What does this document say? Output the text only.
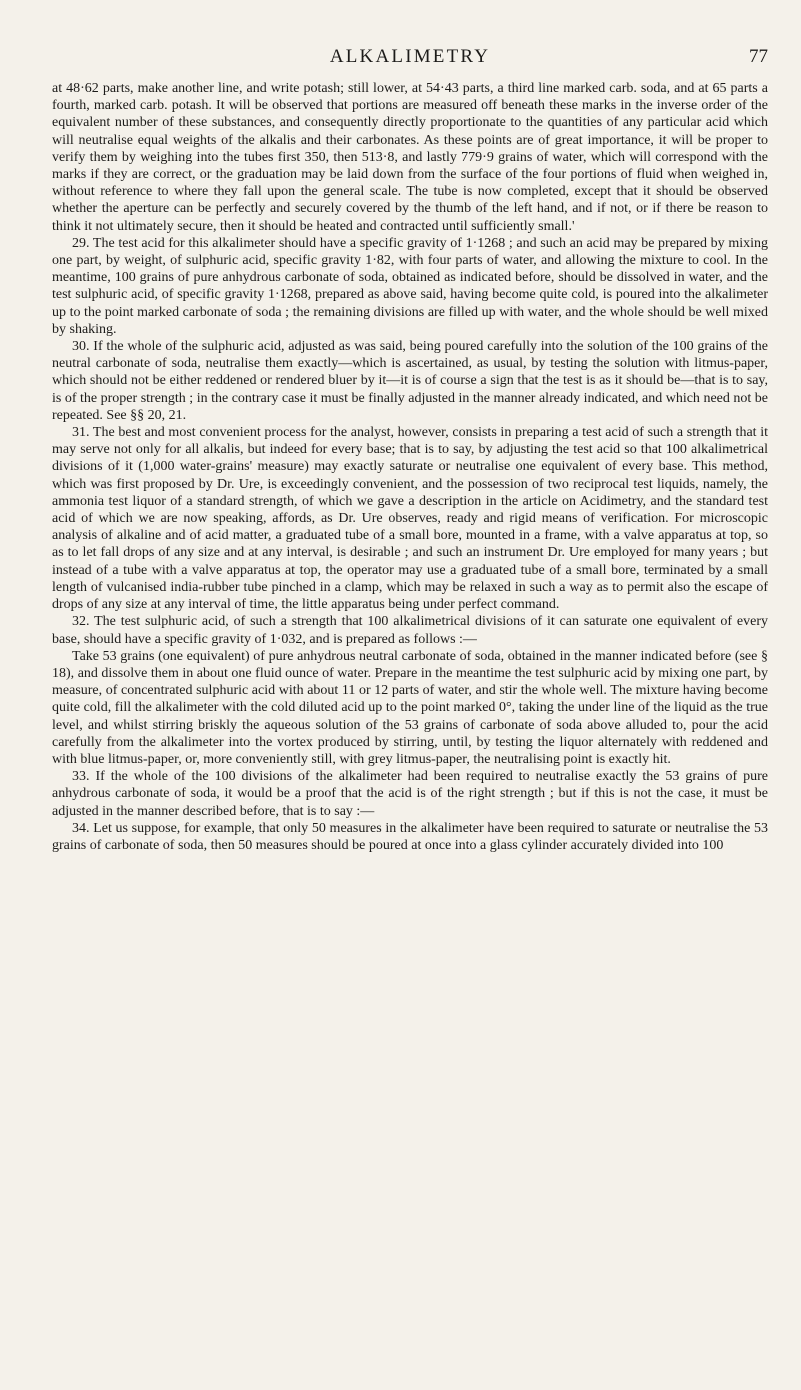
ALKALIMETRY	77

at 48·62 parts, make another line, and write potash; still lower, at 54·43 parts, a third line marked carb. soda, and at 65 parts a fourth, marked carb. potash. It will be observed that portions are measured off beneath these marks in the inverse order of the equivalent number of these substances, and consequently directly proportionate to the quantities of any particular acid which will neutralise equal weights of the alkalis and their carbonates. As these points are of great importance, it will be proper to verify them by weighing into the tubes first 350, then 513·8, and lastly 779·9 grains of water, which will correspond with the marks if they are correct, or the graduation may be laid down from the surface of the four portions of fluid when weighed in, without reference to where they fall upon the general scale. The tube is now completed, except that it should be observed whether the aperture can be perfectly and securely covered by the thumb of the left hand, and if not, or if there be reason to think it not ultimately secure, then it should be heated and contracted until sufficiently small.'

29. The test acid for this alkalimeter should have a specific gravity of 1·1268 ; and such an acid may be prepared by mixing one part, by weight, of sulphuric acid, specific gravity 1·82, with four parts of water, and allowing the mixture to cool. In the meantime, 100 grains of pure anhydrous carbonate of soda, obtained as indicated before, should be dissolved in water, and the test sulphuric acid, of specific gravity 1·1268, prepared as above said, having become quite cold, is poured into the alkalimeter up to the point marked carbonate of soda ; the remaining divisions are filled up with water, and the whole should be well mixed by shaking.

30. If the whole of the sulphuric acid, adjusted as was said, being poured carefully into the solution of the 100 grains of the neutral carbonate of soda, neutralise them exactly—which is ascertained, as usual, by testing the solution with litmus-paper, which should not be either reddened or rendered bluer by it—it is of course a sign that the test is as it should be—that is to say, is of the proper strength ; in the contrary case it must be finally adjusted in the manner already indicated, and which need not be repeated. See §§ 20, 21.

31. The best and most convenient process for the analyst, however, consists in preparing a test acid of such a strength that it may serve not only for all alkalis, but indeed for every base; that is to say, by adjusting the test acid so that 100 alkalimetrical divisions of it (1,000 water-grains' measure) may exactly saturate or neutralise one equivalent of every base. This method, which was first proposed by Dr. Ure, is exceedingly convenient, and the possession of two reciprocal test liquids, namely, the ammonia test liquor of a standard strength, of which we gave a description in the article on Acidimetry, and the standard test acid of which we are now speaking, affords, as Dr. Ure observes, ready and rigid means of verification. For microscopic analysis of alkaline and of acid matter, a graduated tube of a small bore, mounted in a frame, with a valve apparatus at top, so as to let fall drops of any size and at any interval, is desirable ; and such an instrument Dr. Ure employed for many years ; but instead of a tube with a valve apparatus at top, the operator may use a graduated tube of a small bore, terminated by a small length of vulcanised india-rubber tube pinched in a clamp, which may be relaxed in such a way as to permit also the escape of drops of any size at any interval of time, the little apparatus being under perfect command.

32. The test sulphuric acid, of such a strength that 100 alkalimetrical divisions of it can saturate one equivalent of every base, should have a specific gravity of 1·032, and is prepared as follows :—

Take 53 grains (one equivalent) of pure anhydrous neutral carbonate of soda, obtained in the manner indicated before (see § 18), and dissolve them in about one fluid ounce of water. Prepare in the meantime the test sulphuric acid by mixing one part, by measure, of concentrated sulphuric acid with about 11 or 12 parts of water, and stir the whole well. The mixture having become quite cold, fill the alkalimeter with the cold diluted acid up to the point marked 0°, taking the under line of the liquid as the true level, and whilst stirring briskly the aqueous solution of the 53 grains of carbonate of soda above alluded to, pour the acid carefully from the alkalimeter into the vortex produced by stirring, until, by testing the liquor alternately with reddened and with blue litmus-paper, or, more conveniently still, with grey litmus-paper, the neutralising point is exactly hit.

33. If the whole of the 100 divisions of the alkalimeter had been required to neutralise exactly the 53 grains of pure anhydrous carbonate of soda, it would be a proof that the acid is of the right strength ; but if this is not the case, it must be adjusted in the manner described before, that is to say :—

34. Let us suppose, for example, that only 50 measures in the alkalimeter have been required to saturate or neutralise the 53 grains of carbonate of soda, then 50 measures should be poured at once into a glass cylinder accurately divided into 100
